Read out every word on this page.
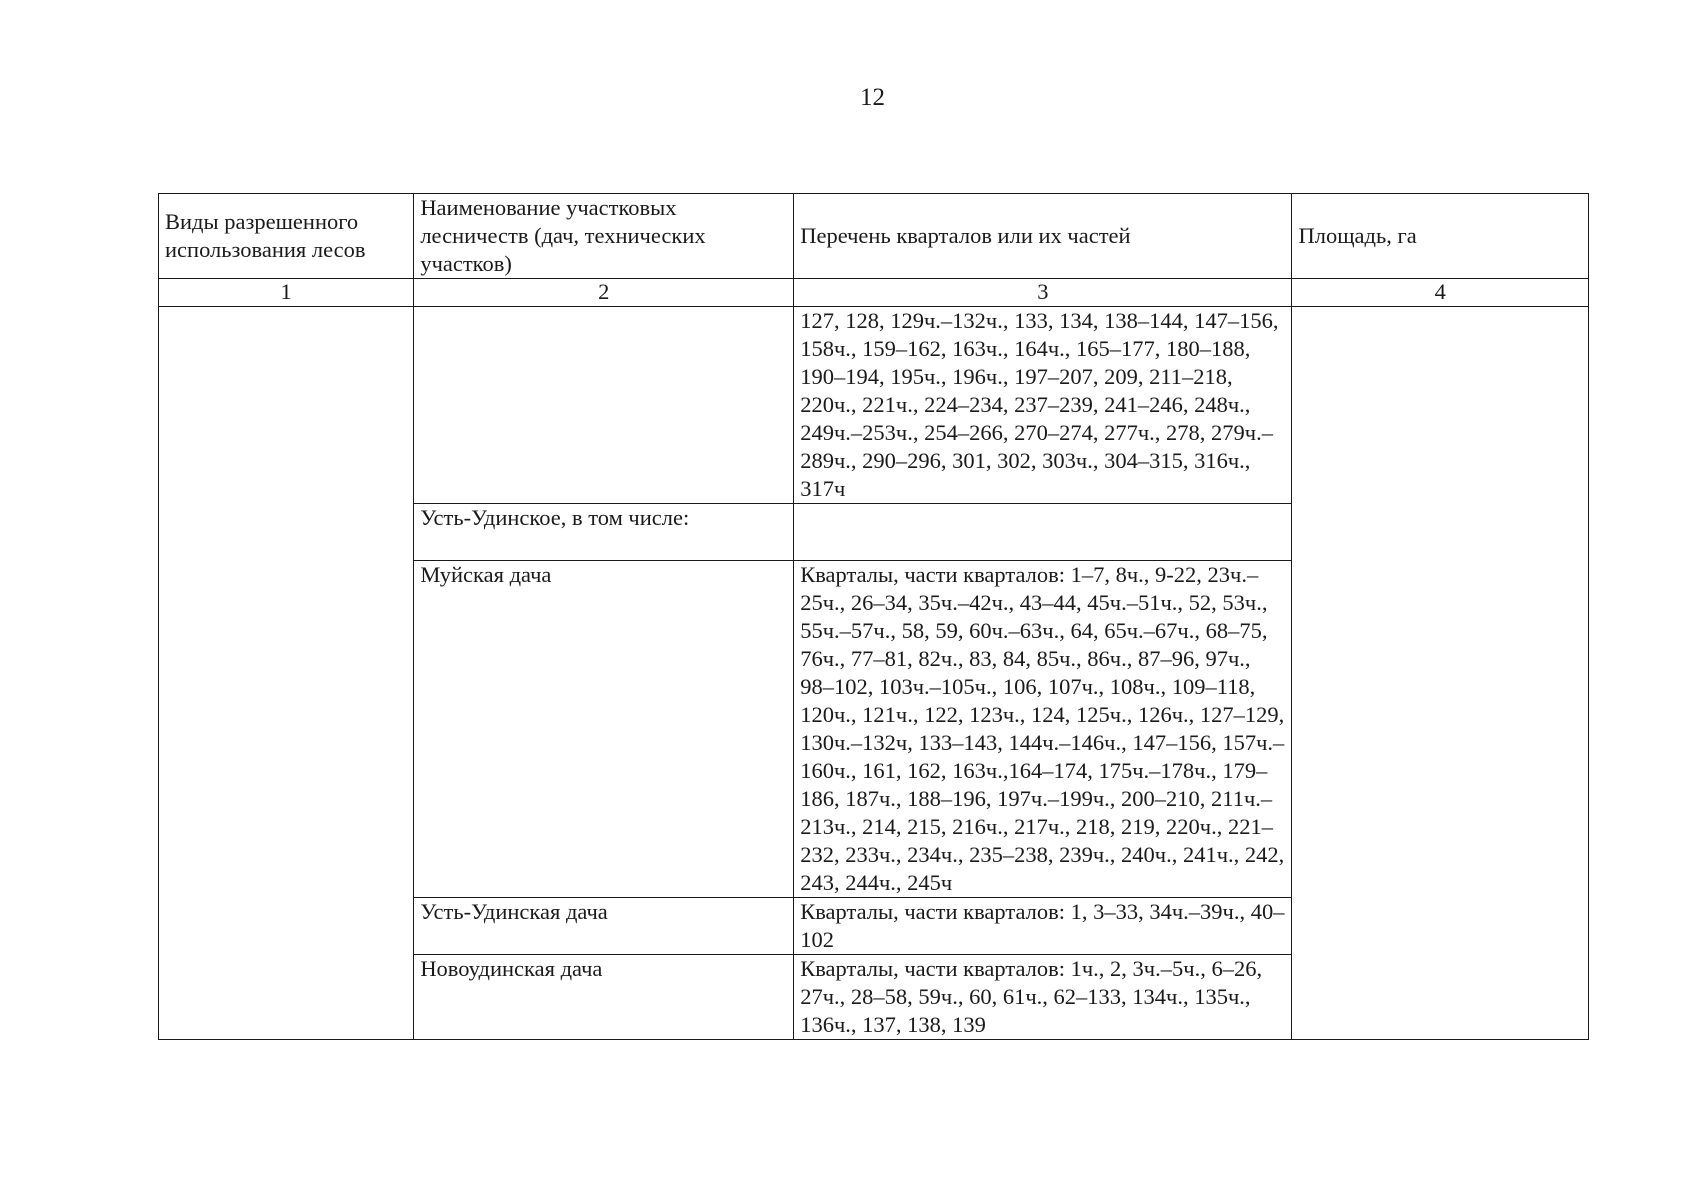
12
Виды разрешенного использования лесов	Наименование участковых лесничеств (дач, технических участков)	Перечень кварталов или их частей	Площадь, га
1	2	3	4
		127, 128, 129ч.–132ч., 133, 134, 138–144, 147–156, 158ч., 159–162, 163ч., 164ч., 165–177, 180–188, 190–194, 195ч., 196ч., 197–207, 209, 211–218, 220ч., 221ч., 224–234, 237–239, 241–246, 248ч., 249ч.–253ч., 254–266, 270–274, 277ч., 278, 279ч.–289ч., 290–296, 301, 302, 303ч., 304–315, 316ч., 317ч	
	Усть-Удинское, в том числе:		
	Муйская дача	Кварталы, части кварталов: 1–7, 8ч., 9-22, 23ч.–25ч., 26–34, 35ч.–42ч., 43–44, 45ч.–51ч., 52, 53ч., 55ч.–57ч., 58, 59, 60ч.–63ч., 64, 65ч.–67ч., 68–75, 76ч., 77–81, 82ч., 83, 84, 85ч., 86ч., 87–96, 97ч., 98–102, 103ч.–105ч., 106, 107ч., 108ч., 109–118, 120ч., 121ч., 122, 123ч., 124, 125ч., 126ч., 127–129, 130ч.–132ч, 133–143, 144ч.–146ч., 147–156, 157ч.–160ч., 161, 162, 163ч.,164–174, 175ч.–178ч., 179–186, 187ч., 188–196, 197ч.–199ч., 200–210, 211ч.–213ч., 214, 215, 216ч., 217ч., 218, 219, 220ч., 221–232, 233ч., 234ч., 235–238, 239ч., 240ч., 241ч., 242, 243, 244ч., 245ч	
	Усть-Удинская дача	Кварталы, части кварталов: 1, 3–33, 34ч.–39ч., 40–102	
	Новоудинская дача	Кварталы, части кварталов: 1ч., 2, 3ч.–5ч., 6–26, 27ч., 28–58, 59ч., 60, 61ч., 62–133, 134ч., 135ч., 136ч., 137, 138, 139	
